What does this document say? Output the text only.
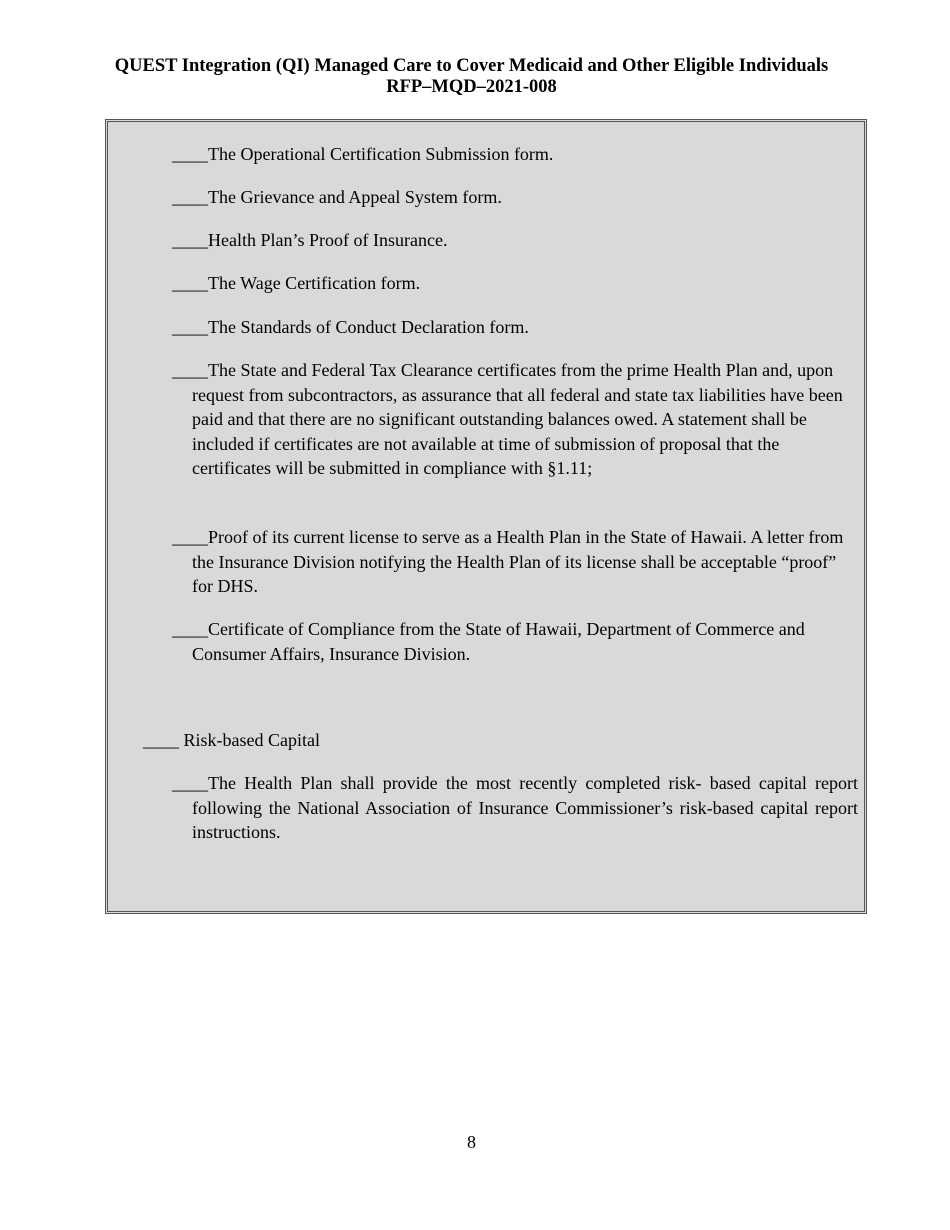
QUEST Integration (QI) Managed Care to Cover Medicaid and Other Eligible Individuals
RFP–MQD–2021-008
____The Operational Certification Submission form.
____The Grievance and Appeal System form.
____Health Plan’s Proof of Insurance.
____The Wage Certification form.
____The Standards of Conduct Declaration form.
____The State and Federal Tax Clearance certificates from the prime Health Plan and, upon request from subcontractors, as assurance that all federal and state tax liabilities have been paid and that there are no significant outstanding balances owed. A statement shall be included if certificates are not available at time of submission of proposal that the certificates will be submitted in compliance with §1.11;
____Proof of its current license to serve as a Health Plan in the State of Hawaii. A letter from the Insurance Division notifying the Health Plan of its license shall be acceptable “proof” for DHS.
____Certificate of Compliance from the State of Hawaii, Department of Commerce and Consumer Affairs, Insurance Division.
____ Risk-based Capital
____The Health Plan shall provide the most recently completed risk- based capital report following the National Association of Insurance Commissioner’s risk-based capital report instructions.
8
